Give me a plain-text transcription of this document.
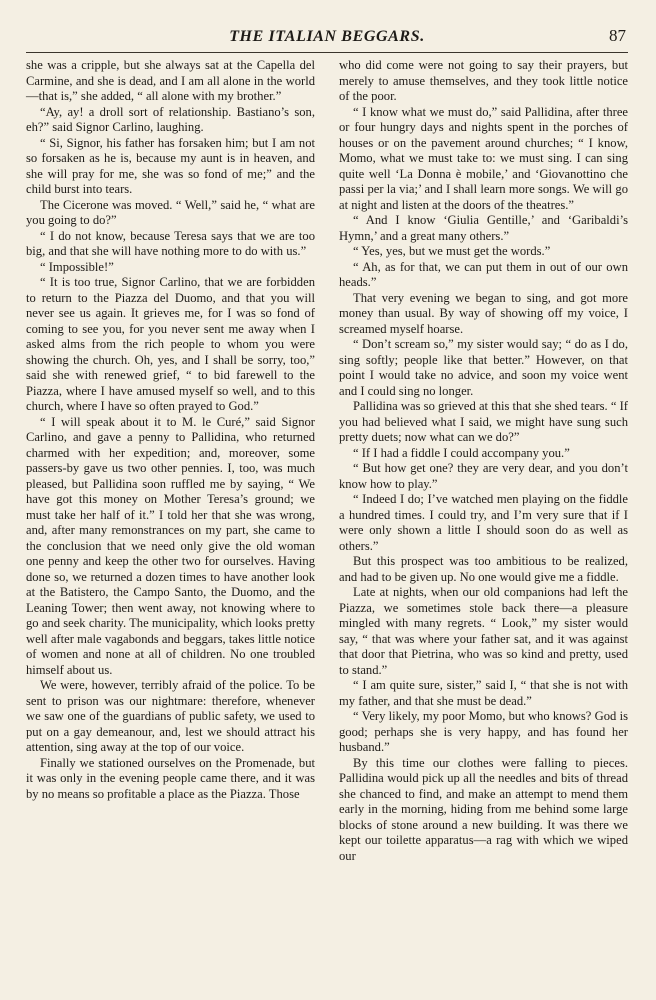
THE ITALIAN BEGGARS.	87

she was a cripple, but she always sat at the Capella del Carmine, and she is dead, and I am all alone in the world—that is,” she added, “ all alone with my brother.”

“Ay, ay! a droll sort of relationship. Bastiano’s son, eh?” said Signor Carlino, laughing.

“ Si, Signor, his father has forsaken him; but I am not so forsaken as he is, because my aunt is in heaven, and she will pray for me, she was so fond of me;” and the child burst into tears.

The Cicerone was moved. “ Well,” said he, “ what are you going to do?”

“ I do not know, because Teresa says that we are too big, and that she will have nothing more to do with us.”

“ Impossible!”

“ It is too true, Signor Carlino, that we are forbidden to return to the Piazza del Duomo, and that you will never see us again. It grieves me, for I was so fond of coming to see you, for you never sent me away when I asked alms from the rich people to whom you were showing the church. Oh, yes, and I shall be sorry, too,” said she with renewed grief, “ to bid farewell to the Piazza, where I have amused myself so well, and to this church, where I have so often prayed to God.”

“ I will speak about it to M. le Curé,” said Signor Carlino, and gave a penny to Pallidina, who returned charmed with her expedition; and, moreover, some passers-by gave us two other pennies. I, too, was much pleased, but Pallidina soon ruffled me by saying, “ We have got this money on Mother Teresa’s ground; we must take her half of it.” I told her that she was wrong, and, after many remonstrances on my part, she came to the conclusion that we need only give the old woman one penny and keep the other two for ourselves. Having done so, we returned a dozen times to have another look at the Batistero, the Campo Santo, the Duomo, and the Leaning Tower; then went away, not knowing where to go and seek charity. The municipality, which looks pretty well after male vagabonds and beggars, takes little notice of women and none at all of children. No one troubled himself about us.

We were, however, terribly afraid of the police. To be sent to prison was our nightmare: therefore, whenever we saw one of the guardians of public safety, we used to put on a gay demeanour, and, lest we should attract his attention, sing away at the top of our voice.

Finally we stationed ourselves on the Promenade, but it was only in the evening people came there, and it was by no means so profitable a place as the Piazza. Those

who did come were not going to say their prayers, but merely to amuse themselves, and they took little notice of the poor.

“ I know what we must do,” said Pallidina, after three or four hungry days and nights spent in the porches of houses or on the pavement around churches; “ I know, Momo, what we must take to: we must sing. I can sing quite well ‘La Donna è mobile,’ and ‘Giovanottino che passi per la via;’ and I shall learn more songs. We will go at night and listen at the doors of the theatres.”

“ And I know ‘Giulia Gentille,’ and ‘Garibaldi’s Hymn,’ and a great many others.”

“ Yes, yes, but we must get the words.”

“ Ah, as for that, we can put them in out of our own heads.”

That very evening we began to sing, and got more money than usual. By way of showing off my voice, I screamed myself hoarse.

“ Don’t scream so,” my sister would say; “ do as I do, sing softly; people like that better.” However, on that point I would take no advice, and soon my voice went and I could sing no longer.

Pallidina was so grieved at this that she shed tears. “ If you had believed what I said, we might have sung such pretty duets; now what can we do?”

“ If I had a fiddle I could accompany you.”

“ But how get one? they are very dear, and you don’t know how to play.”

“ Indeed I do; I’ve watched men playing on the fiddle a hundred times. I could try, and I’m very sure that if I were only shown a little I should soon do as well as others.”

But this prospect was too ambitious to be realized, and had to be given up. No one would give me a fiddle.

Late at nights, when our old companions had left the Piazza, we sometimes stole back there—a pleasure mingled with many regrets. “ Look,” my sister would say, “ that was where your father sat, and it was against that door that Pietrina, who was so kind and pretty, used to stand.”

“ I am quite sure, sister,” said I, “ that she is not with my father, and that she must be dead.”

“ Very likely, my poor Momo, but who knows? God is good; perhaps she is very happy, and has found her husband.”

By this time our clothes were falling to pieces. Pallidina would pick up all the needles and bits of thread she chanced to find, and make an attempt to mend them early in the morning, hiding from me behind some large blocks of stone around a new building. It was there we kept our toilette apparatus—a rag with which we wiped our
